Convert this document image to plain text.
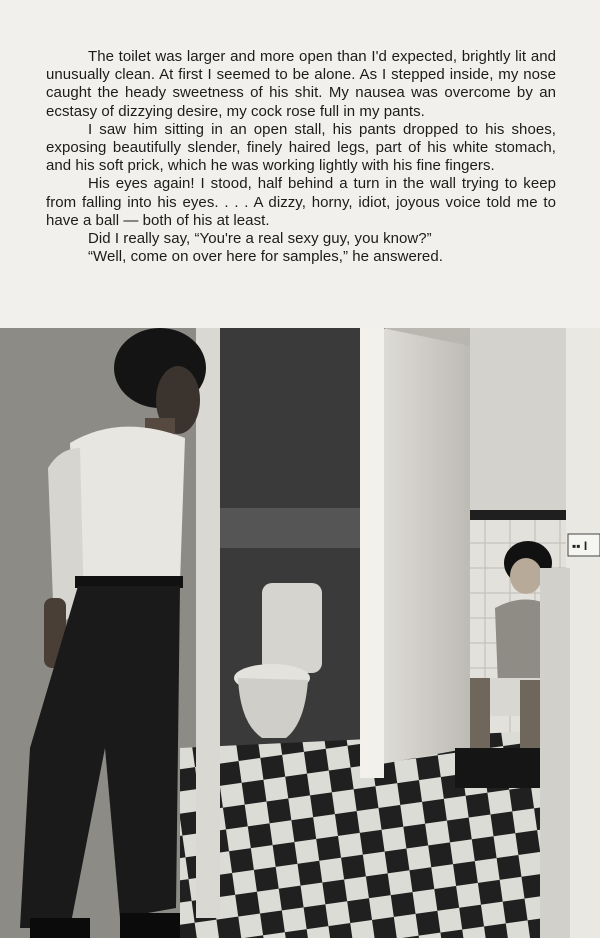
The toilet was larger and more open than I'd expected, brightly lit and unusually clean. At first I seemed to be alone. As I stepped inside, my nose caught the heady sweetness of his shit. My nausea was overcome by an ecstasy of dizzying desire, my cock rose full in my pants.

I saw him sitting in an open stall, his pants dropped to his shoes, exposing beautifully slender, finely haired legs, part of his white stomach, and his soft prick, which he was working lightly with his fine fingers.

His eyes again! I stood, half behind a turn in the wall trying to keep from falling into his eyes. . . . A dizzy, horny, idiot, joyous voice told me to have a ball — both of his at least.

Did I really say, “You're a real sexy guy, you know?”

“Well, come on over here for samples,” he answered.

▪▪ I
